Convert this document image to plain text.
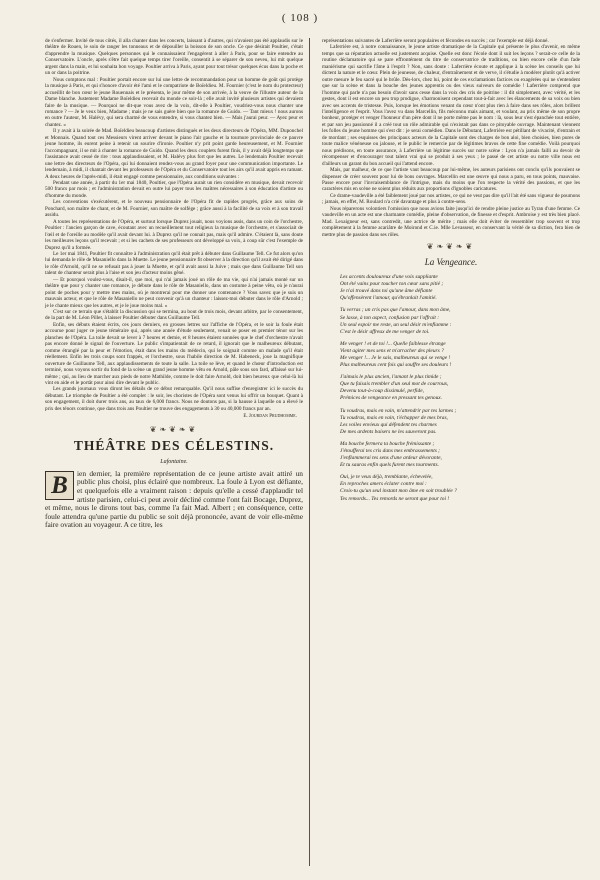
( 108 )

de s'enfermer. Invité de tous côtés, il alla chanter dans les concerts, laissant à d'autres, qui n'avaient pas été applaudis sur le théâtre de Rouen, le soin de ranger les tonneaux et de dépouiller la boisson de son oncle. Ce que désirait Poultier, c'était d'apprendre la musique. Quelques personnes qui le connaissaient l'engagèrent à aller à Paris, pour se faire entendre au Conservatoire. L'oncle, après s'être fait quelque temps tirer l'oreille, consentit à se séparer de son neveu, lui mit quelque argent dans la main, et lui souhaita bon voyage. Poultier arriva à Paris, ayant pour tout trésor quelques écus dans la poche et un or dans la poitrine.

Nous comptons mal : Poultier portait encore sur lui une lettre de recommandation pour un homme de goût qui protège la musique à Paris, et qui s'honore d'avoir été l'ami et le compatriote de Boïeldieu. M. Fournier (c'est le nom du protecteur) accueillit de bon cœur le jeune Rouennais et le présenta, le jour même de son arrivée, à la veuve de l'illustre auteur de la Dame blanche. Justement Madame Boïeldieu recevait du monde ce soir-là ; elle avait invité plusieurs artistes qui devaient faire de la musique. — Pourquoi ne dit-que vous avez de la voix, dit-elle à Poultier, voudriez-vous nous chanter une romance ? — Je le veux bien, Madame ; mais je ne sais guère bien que la romance de Guido. — Tant mieux ! nous aurons en outre l'auteur, M. Halévy, qui sera charmé de vous entendre, si vous chantez bien. — Mais j'aurai peur. — Ayez peur et chantez. »

Il y avait à la soirée de Mad. Boïeldieu beaucoup d'artistes distingués et les deux directeurs de l'Opéra, MM. Duponchel et Monnais. Quand tout ces Messieurs virent arriver devant le piano l'air gauche et la tournure provinciale de ce pauvre jeune homme, ils eurent peine à retenir un sourire d'ironie. Poultier n'y prit point garde heureusement, et M. Fournier l'accompagnant, il se mit à chanter la romance de Guido. Quand les deux couplets furent finis, il y avait déjà longtemps que l'assistance avait cessé de rire : tous applaudissaient, et M. Halévy plus fort que les autres. Le lendemain Poultier recevait une lettre des directeurs de l'Opéra, qui lui donnaient rendez-vous au grand foyer pour une communication importante. Le lendemain, à midi, il chantait devant les professeurs de l'Opéra et du Conservatoire tout les airs qu'il avait appris en ramant. A deux heures de l'après-midi, il était engagé comme pensionnaire, aux conditions suivantes :

Pendant une année, à partir du 1er mai 1840, Poultier, que l'Opéra aurait un rien considère en musique, devait recevoir 500 francs par mois ; et l'administration devait en outre lui payer tous les maîtres nécessaires à son éducation d'artiste ou d'homme du monde.

Les conventions s'exécutèrent, et le nouveau pensionnaire de l'Opéra fit de rapides progrès, grâce aux soins de Ponchard, son maître de chant, et de M. Fournier, son maître de solfège ; grâce aussi à la facilité de sa voix et à son travail assidu.

A toutes les représentations de l'Opéra, et surtout lorsque Duprez jouait, nous voyions assis, dans un coin de l'orchestre, Poultier : l'ancien garçon de cave, écoutant avec un recueillement tout religieux la musique de l'orchestre, et s'associait de l'œil et de l'oreille au modèle qu'il avait devant lui. à Duprez qu'il ne connait pas, mais qu'il admire. C'étaient là, sans doute les meilleures leçons qu'il recevait ; et si les cachets de ses professeurs ont développé sa voix, à coup sûr c'est l'exemple de Duprez qu'il a formée.

Le 1er mai 1841, Poultier fit connaître à l'administration qu'il était prêt à débuter dans Guillaume Tell. Ce fut alors qu'on lui demanda le rôle de Masaniello dans la Muette. Le jeune pensionnaire fit observer à la direction qu'il avait été dirigé dans le rôle d'Arnold, qu'il ne se refusait pas à jouer la Muette, et qu'il avait aussi la Juive ; mais que dans Guillaume Tell son talent de chanteur serait plus à l'aise et son jeu d'acteur moins gêné.

— Et pourquoi voulez-vous, disait-il, que moi, qui n'ai jamais joué un rôle de ma vie, qui n'ai jamais monté sur un théâtre que pour y chanter une romance, je débute dans le rôle de Masaniello, dans un costume à peine vêtu, où je n'aurai point de poches pour y mettre mes mains, où je montrerai pour me donner une contenance ? Vous savez que je suis un mauvais acteur, et que le rôle de Masaniello ne peut convenir qu'à un chanteur : laissez-moi débuter dans le rôle d'Arnold ; je le chante mieux que les autres, et je le joue moins mal. »

C'est sur ce terrain que s'établit la discussion qui se termina, au bout de trois mois, devant arbitre, par le consentement, de la part de M. Léon Pillet, à laisser Poultier débuter dans Guillaume Tell.

Enfin, ses débuts étaient écrits, ces jours derniers, en grosses lettres sur l'affiche de l'Opéra, et le soir la foule était accourue pour juger ce jeune téméraire qui, après une année d'étude seulement, venait se poser en premier ténor sur les planches de l'Opéra. La toile devait se lever à 7 heures et demie, et 8 heures étaient sonnées que le chef d'orchestre n'avait pas encore donné le signal de l'ouverture. Le public s'impatientait de ce retard, il ignorait que le malheureux débutant, comme étranglé par la peur et l'émotion, était dans les mains du médecin, qui le soignait comme un malade qu'il était réellement. Enfin les trois coups sont frappés, et l'orchestre, sous l'habile direction de M. Habeneck, joue la magnifique ouverture de Guillaume Tell, aux applaudissements de toute la salle. La toile se lève, et quand le chœur d'introduction est terminé, nous voyons sortir du fond de la scène un grand jeune homme vêtu en Arnold, pâle sous son fard, affaissé sur lui-même ; qui, au lieu de marcher aux pieds de notre Mathilde, comme le doit faire Arnold, doit bien heureux que celui-là lui vint en aide et le portât pour ainsi dire devant le public.

Les grands journaux vous diront les détails de ce début remarquable. Qu'il nous suffise d'enregistrer ici le succès du débutant. Le triomphe de Poultier a été complet : le soir, les choristes de l'Opéra sont venus lui offrir un bouquet. Quant à son engagement, il doit durer trois ans, au taux de 6,000 francs. Nous ne doutons pas, si la hausse à laquelle on a élevé le prix des ténors continue, que dans trois ans Poultier ne trouve des engagements à 30 ou 40,000 francs par an.

E. Jourdan Prudhomme.
❦❧❦❧❦
THÉÂTRE DES CÉLESTINS.
Lafontaine.
B	ien dernier, la première représentation de ce jeune artiste avait attiré un public plus choisi, plus éclairé que nombreux. La foule à Lyon est défiante, et quelquefois elle a vraiment raison : depuis qu'elle a cessé d'applaudir tel artiste parisien, celui-ci peut avoir décliné comme l'ont fait Bocage, Duprez, et même, nous le dirons tout bas, comme l'a fait Mad. Albert ; en conséquence, cette foule attendra qu'une partie du public se soit déjà prononcée, avant de voir elle-même faire ovation au voyageur. A ce titre, les

représentations suivantes de Laferrière seront populaires et fécondes en succès ; car l'exemple est déjà donné.

Laferrière est, à notre connaissance, le jeune artiste dramatique de la Capitale qui présente le plus d'avenir, en même temps que sa réputation actuelle est justement acquise. Quelle est donc l'école dont il suit les leçons ? serait-ce celle de la routine déclamatoire qui se pare effrontément du titre de conservatrice de traditions, ou bien encore celle d'un fade maniérisme qui sacrifie l'âme à l'esprit ? Non, sans doute : Laferrière écoute et applique à la scène les conseils que lui dictent la nature et le cœur. Plein de jeunesse, de chaleur, d'entraînement et de verve, il s'étudie à modérer plutôt qu'à activer outre mesure le feu sacré qui le brûle. Dès-lors, chez lui, point de ces exclamations factices ou exagérées qui ne s'entendent que sur la scène et dans la bouche des jeunes apprentis ou des vieux suiveurs de comédie ! Laferrière comprend que l'homme qui parle n'a pas besoin d'avoir sans cesse dans la voix des cris de poitrine : il dit simplement, avec vérité, et les gestes, dont il est encore un peu trop prodigue, s'harmonisent cependant tout-à-fait avec les élancements de sa voix ou bien avec ses accents de tristesse. Puis, lorsque les émotions venant du cœur n'ont plus rien à faire dans ses rôles, alors brillent l'intelligence et l'esprit. Vous l'avez vu dans Marcellin, fils méconnu mais aimant, et voulant, au prix même de son propre bonheur, protéger et venger l'honneur d'un père dont il ne porte même pas le nom : là, sous leur s'est épanchée tout entière, et par son jeu passionné il a créé tout un rôle admirable qui n'existait pas dans ce pitoyable ouvrage. Maintenant viennent les folles du jeune homme qui s'est dit : je serai comédien. Dans le Débutant, Laferrière est pétillant de vivacité, d'entrain et de mordant ; ses esquisses des principaux acteurs de la Capitale sont des charges de bon aloi, bien choisies, bien pures de toute malice vénéneuse ou jalouse, et le public le remercie par de légitimes bravos de cette fine comédie. Voilà pourquoi nous prédisons, en toute assurance, à Laferrière un légitime succès sur notre scène : Lyon n'a jamais failli au devoir de récompenser et d'encourager tout talent vrai qui se produit à ses yeux ; le passé de cet artiste ou notre ville nous est d'ailleurs un garant du bon accueil qui l'attend encore.

Mais, par malheur, de ce que l'artiste vaut beaucoup par lui-même, les auteurs parisiens ont conclu qu'ils pouvaient se dispenser de créer souvent pour lui de bons ouvrages. Marcellin est une œuvre qui nous a paru, en tous points, mauvaise. Passe encore pour l'invraisemblance de l'intrigue, mais du moins que l'on respecte la vérité des passions, et que les caractères mis en scène ne soient plus réduits aux proportions d'ignobles caricatures.

Ce drame-vaudeville a été faiblement joué par nos artistes, ce qui ne veut pas dire qu'il l'ait été sans vigueur de poumons ; jamais, en effet, M. Roulard n'a crié davantage et plus à contre-sens.

Nous réparerons volontiers l'omission que nous avions faite jusqu'ici de rendre pleine justice au Tyran d'une femme. Ce vaudeville en un acte est une charmante comédie, pleine d'observation, de finesse et d'esprit. Ambroise y est très bien placé. Mad. Lexaigneur est, sans contredit, une actrice de mérite ; mais elle doit éviter de ressembler trop souvent et trop complètement à la femme acariâtre de Moirond et C.ie. Mlle Levasseur, en conservant la vérité de sa diction, fera bien de mettre plus de passion dans ses rôles.

❦❧❦❧❦
La Vengeance.
Les accents douloureux d'une voix suppliante
Ont été vains pour toucher ton cœur sans pitié ;
Je n'ai trouvé dans toi qu'une âme défiante
Qu'offensèrent l'amour, qu'ébranlait l'amitié.
Tu verras ; un cris pas que l'amour, dans mon âme,
Se lasse, à ton aspect, confusion par l'offrait :
Un seul espoir me reste, un seul désir m'enflamme :
C'est le désir affreux de me venger de toi.
Me venger ! et de toi !... Quelle faiblesse étrange
Vient agiter mes sens et m'arracher des pleurs ?
Me venger !... Je le sais, malheureux qui se venge !
Plus malheureux cent fois qui souffre ses douleurs !
J'aimais le plus ancien, l'amant le plus timide ;
Que tu faisais trembler d'un seul mot de courroux,
Devenu tout-à-coup dissimulé, perfide,
Prémices de vengeance en pressant tes genoux.
Tu voudras, mais en vain, m'attendrir par tes larmes ;
Tu voudras, mais en vain, t'échapper de mes bras,
Les voiles envieux qui défendent tes charmes
De mes ardents baisers ne les sauveront pas.
Ma bouche fermera ta bouche frémissante ;
J'étoufferai tes cris dans mes embrassements ;
J'enflammerai tes sens d'une ardeur dévorante,
Et tu sauras enfin quels furent mes tourments.
Oui, je te veux déjà, tremblante, échevelée,
En reproches amers éclater contre moi :
Crois-tu qu'un seul instant mon âme en soit troublée ?
Tes remords... Tes remords ne seront que pour toi !
